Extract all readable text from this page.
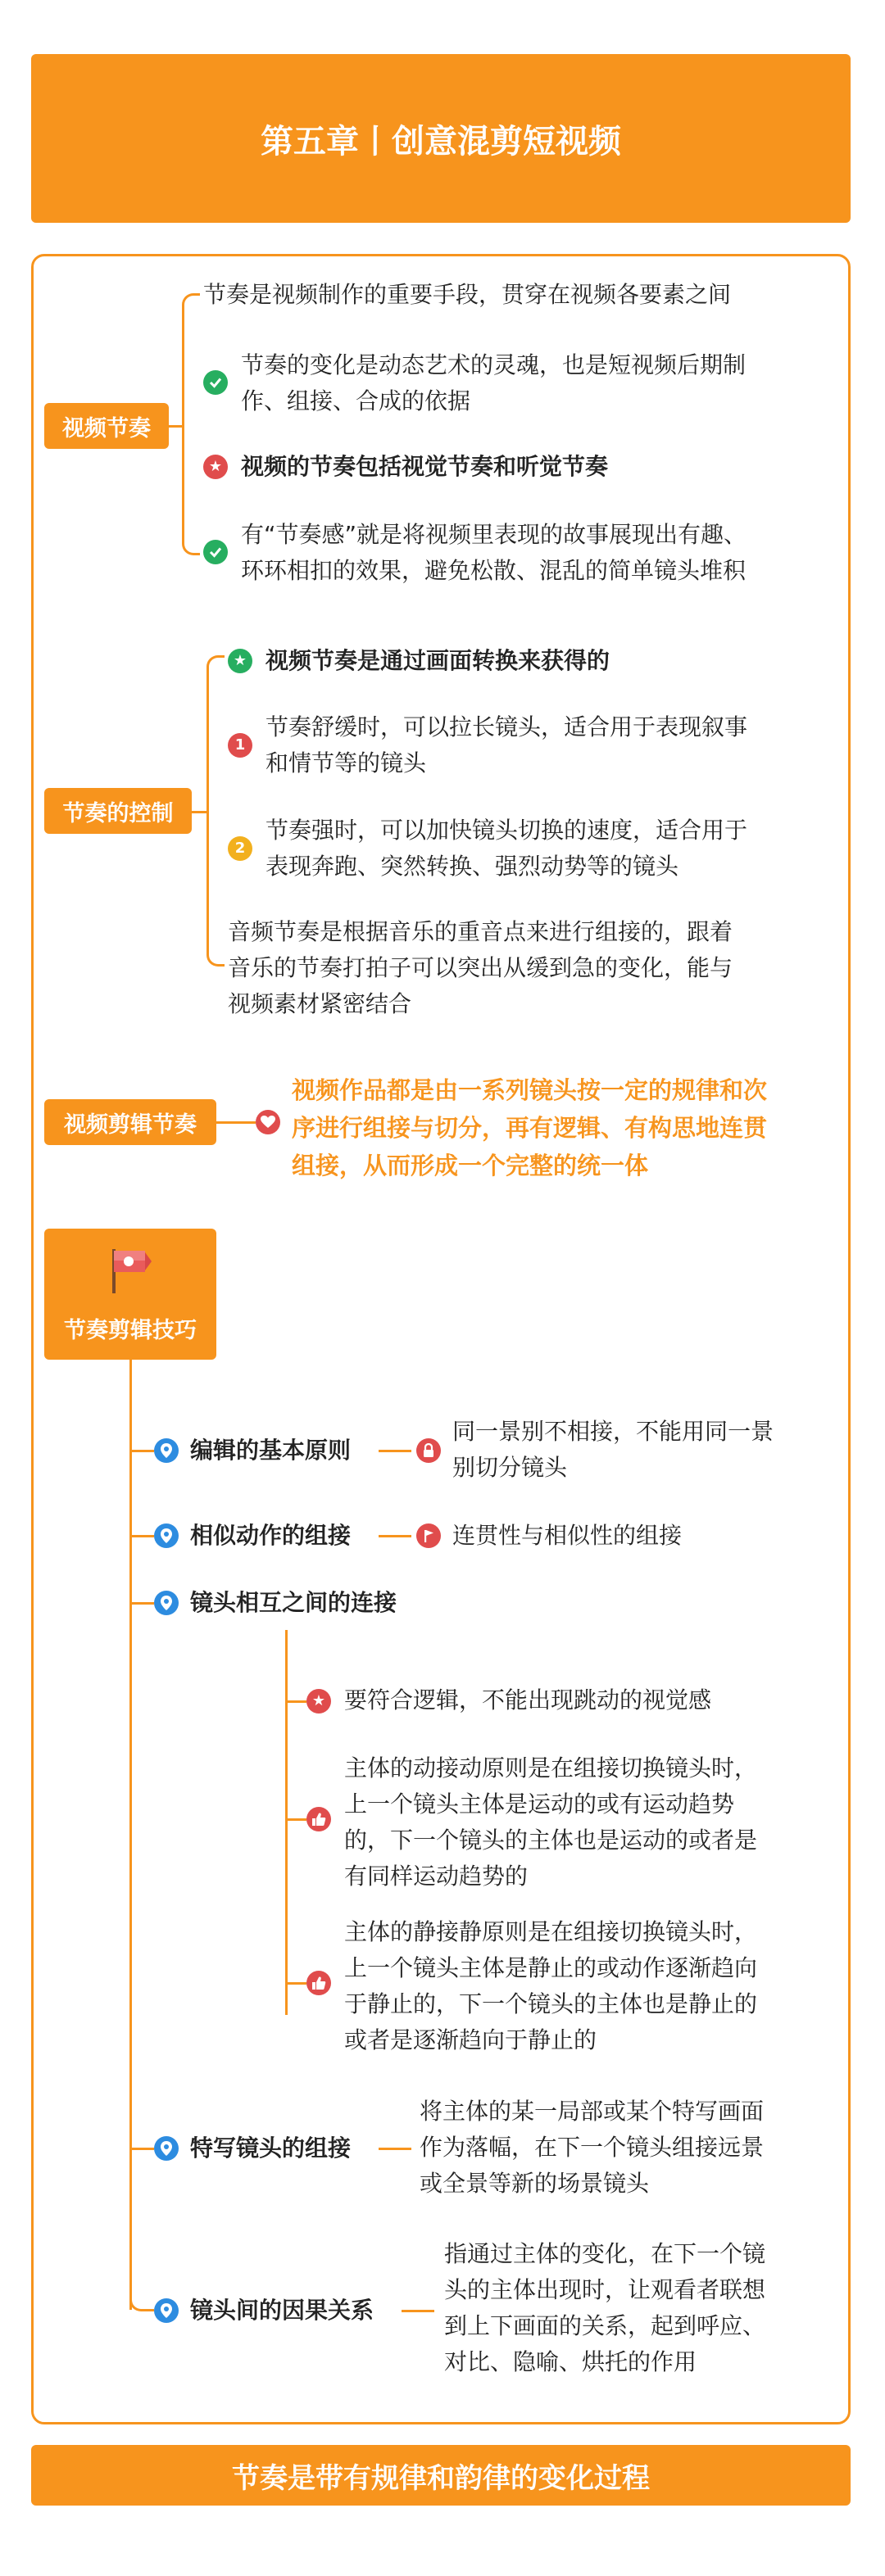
第五章丨创意混剪短视频
视频节奏
节奏是视频制作的重要手段，贯穿在视频各要素之间
节奏的变化是动态艺术的灵魂，也是短视频后期制
作、组接、合成的依据
★ 视频的节奏包括视觉节奏和听觉节奏
有“节奏感”就是将视频里表现的故事展现出有趣、
环环相扣的效果，避免松散、混乱的简单镜头堆积
节奏的控制
★ 视频节奏是通过画面转换来获得的
1
节奏舒缓时，可以拉长镜头，适合用于表现叙事
和情节等的镜头
2
节奏强时，可以加快镜头切换的速度，适合用于
表现奔跑、突然转换、强烈动势等的镜头
音频节奏是根据音乐的重音点来进行组接的，跟着
音乐的节奏打拍子可以突出从缓到急的变化，能与
视频素材紧密结合
视频剪辑节奏
视频作品都是由一系列镜头按一定的规律和次
序进行组接与切分，再有逻辑、有构思地连贯
组接，从而形成一个完整的统一体
节奏剪辑技巧
编辑的基本原则
同一景别不相接，不能用同一景
别切分镜头
相似动作的组接	连贯性与相似性的组接
镜头相互之间的连接
★ 要符合逻辑，不能出现跳动的视觉感
主体的动接动原则是在组接切换镜头时，
上一个镜头主体是运动的或有运动趋势
的，下一个镜头的主体也是运动的或者是
有同样运动趋势的
主体的静接静原则是在组接切换镜头时，
上一个镜头主体是静止的或动作逐渐趋向
于静止的，下一个镜头的主体也是静止的
或者是逐渐趋向于静止的
特写镜头的组接
将主体的某一局部或某个特写画面
作为落幅，在下一个镜头组接远景
或全景等新的场景镜头
镜头间的因果关系
指通过主体的变化，在下一个镜
头的主体出现时，让观看者联想
到上下画面的关系，起到呼应、
对比、隐喻、烘托的作用
节奏是带有规律和韵律的变化过程
